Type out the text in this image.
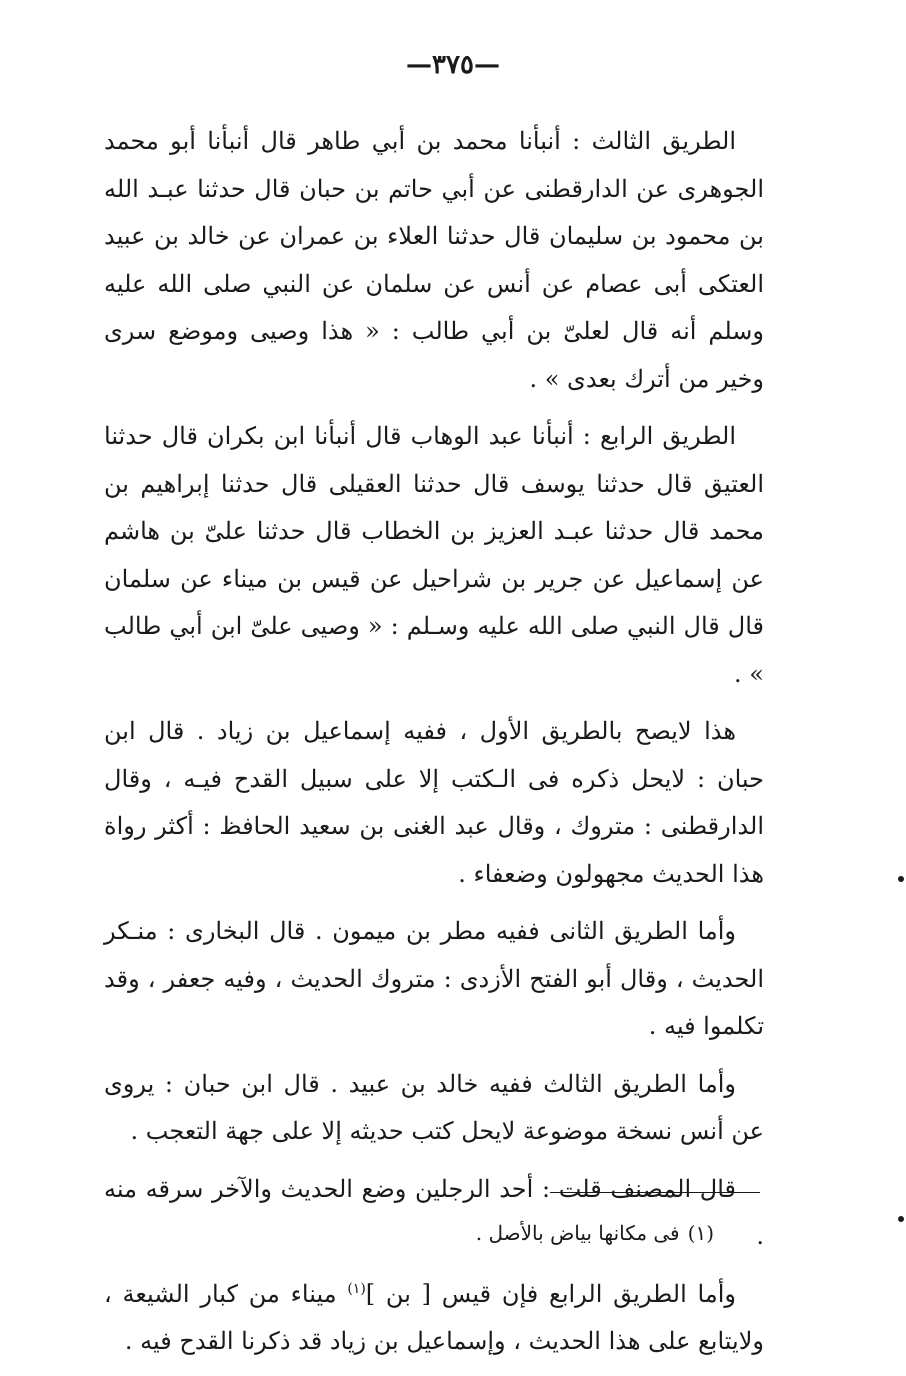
—٣٧٥—

الطريق الثالث : أنبأنا محمد بن أبي طاهر قال أنبأنا أبو محمد الجوهرى عن الدارقطنى عن أبي حاتم بن حبان قال حدثنا عبـد الله بن محمود بن سليمان قال حدثنا العلاء بن عمران عن خالد بن عبيد العتكى أبى عصام عن أنس عن سلمان عن النبي صلى الله عليه وسلم أنه قال لعلىّ بن أبي طالب : « هذا وصيى وموضع سرى وخير من أترك بعدى » .

الطريق الرابع : أنبأنا عبد الوهاب قال أنبأنا ابن بكران قال حدثنا العتيق قال حدثنا يوسف قال حدثنا العقيلى قال حدثنا إبراهيم بن محمد قال حدثنا عبـد العزيز بن الخطاب قال حدثنا علىّ بن هاشم عن إسماعيل عن جرير بن شراحيل عن قيس بن ميناء عن سلمان قال قال النبي صلى الله عليه وسـلم : « وصيى علىّ ابن أبي طالب » .

هذا لايصح بالطريق الأول ، ففيه إسماعيل بن زياد . قال ابن حبان : لايحل ذكره فى الـكتب إلا على سبيل القدح فيـه ، وقال الدارقطنى : متروك ، وقال عبد الغنى بن سعيد الحافظ : أكثر رواة هذا الحديث مجهولون وضعفاء .

وأما الطريق الثانى ففيه مطر بن ميمون . قال البخارى : منـكر الحديث ، وقال أبو الفتح الأزدى : متروك الحديث ، وفيه جعفر ، وقد تكلموا فيه .

وأما الطريق الثالث ففيه خالد بن عبيد . قال ابن حبان : يروى عن أنس نسخة موضوعة لايحل كتب حديثه إلا على جهة التعجب .

قال المصنف قلت : أحد الرجلين وضع الحديث والآخر سرقه منه .

وأما الطريق الرابع فإن قيس [ بن ]$^{(١)}$ ميناء من كبار الشيعة ، ولايتابع على هذا الحديث ، وإسماعيل بن زياد قد ذكرنا القدح فيه .

(١)فى مكانها بياض بالأصل .
